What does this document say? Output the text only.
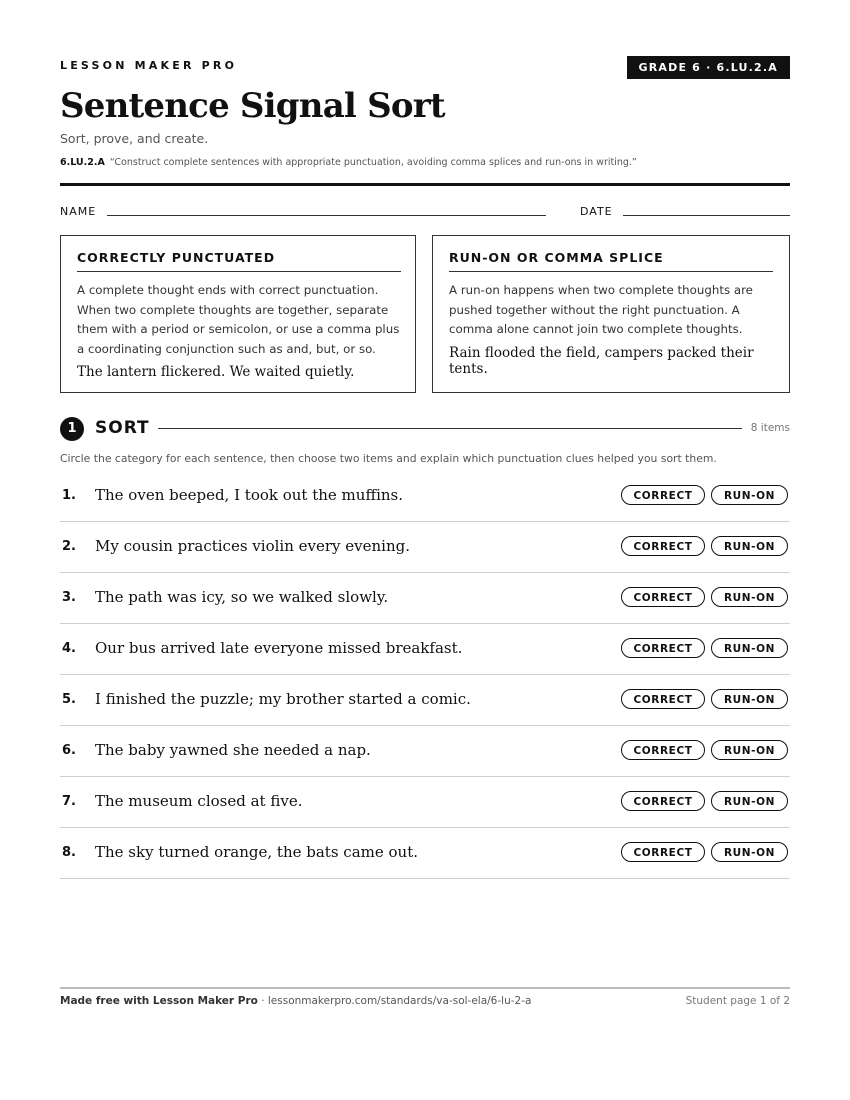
LESSON MAKER PRO	GRADE 6 · 6.LU.2.A
Sentence Signal Sort
Sort, prove, and create.
6.LU.2.A “Construct complete sentences with appropriate punctuation, avoiding comma splices and run-ons in writing.”
NAME	DATE
CORRECTLY PUNCTUATED

A complete thought ends with correct punctuation. When two complete thoughts are together, separate them with a period or semicolon, or use a comma plus a coordinating conjunction such as and, but, or so.

The lantern flickered. We waited quietly.

RUN-ON OR COMMA SPLICE

A run-on happens when two complete thoughts are pushed together without the right punctuation. A comma alone cannot join two complete thoughts.

Rain flooded the field, campers packed their tents.

1	SORT	8 items
Circle the category for each sentence, then choose two items and explain which punctuation clues helped you sort them.
1. The oven beeped, I took out the muffins.	CORRECT	RUN-ON
2. My cousin practices violin every evening.	CORRECT	RUN-ON
3. The path was icy, so we walked slowly.	CORRECT	RUN-ON
4. Our bus arrived late everyone missed breakfast.	CORRECT	RUN-ON
5. I finished the puzzle; my brother started a comic.	CORRECT	RUN-ON
6. The baby yawned she needed a nap.	CORRECT	RUN-ON
7. The museum closed at five.	CORRECT	RUN-ON
8. The sky turned orange, the bats came out.	CORRECT	RUN-ON
Made free with Lesson Maker Pro · lessonmakerpro.com/standards/va-sol-ela/6-lu-2-a	Student page 1 of 2
